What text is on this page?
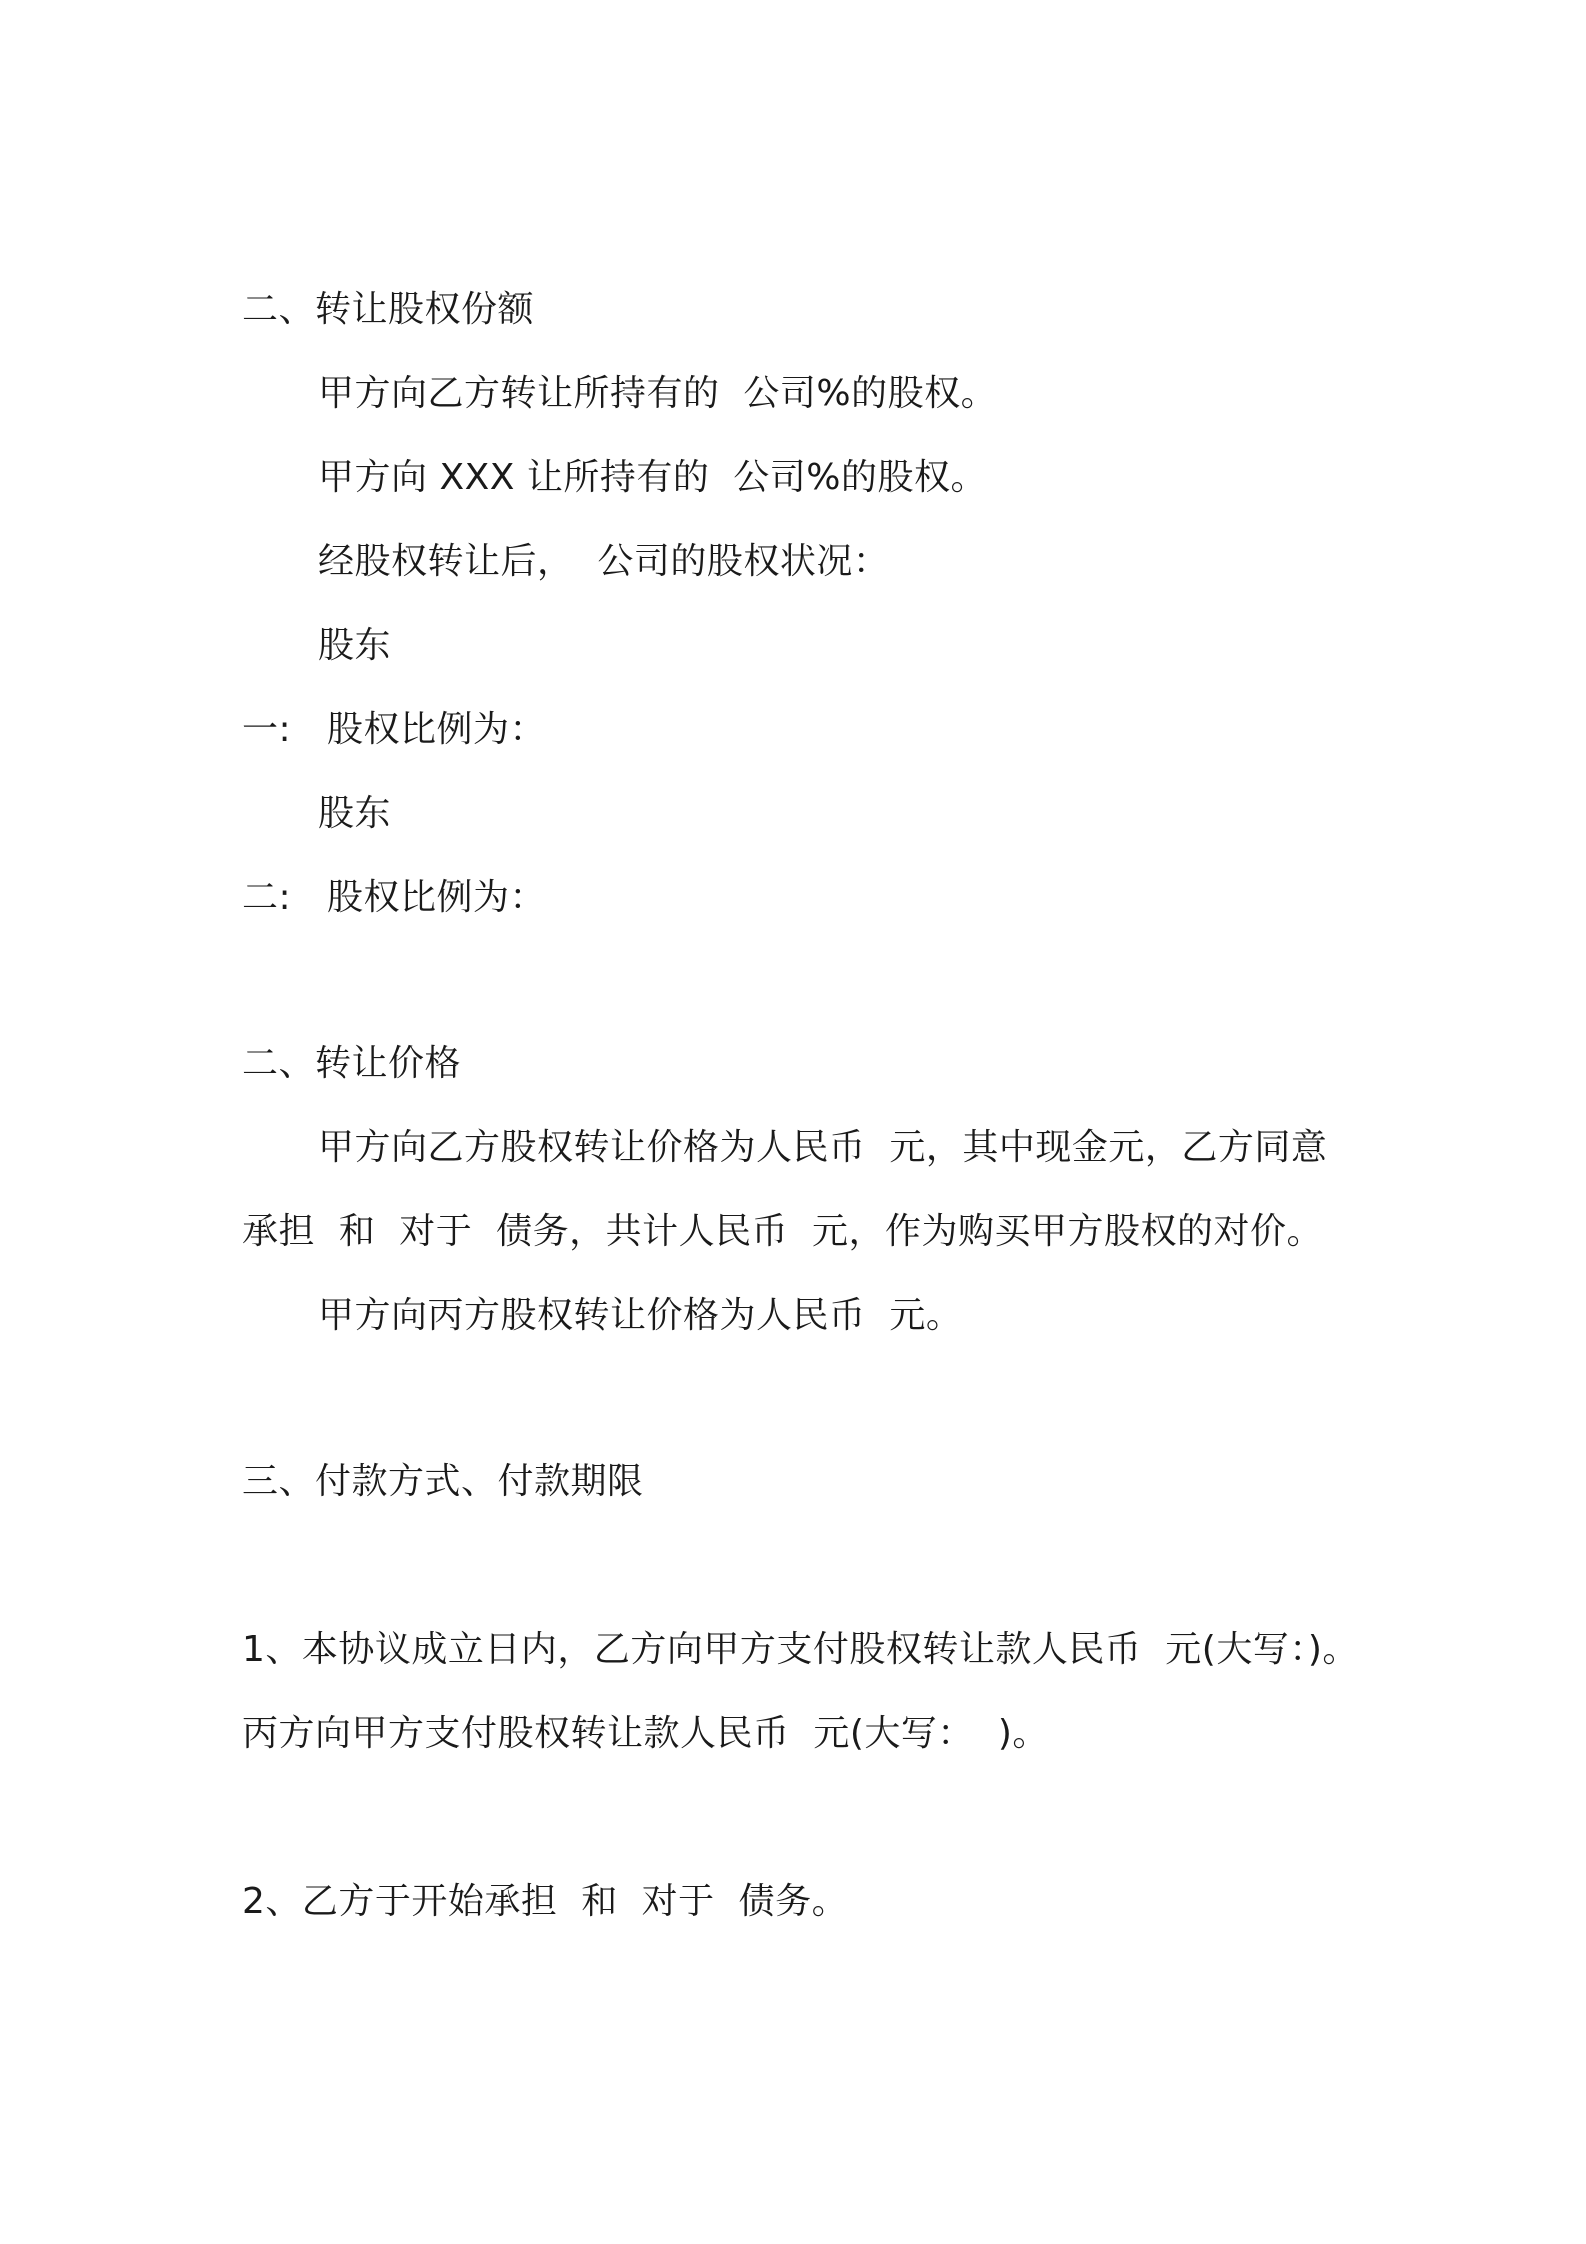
二、转让股权份额
甲方向乙方转让所持有的  公司%的股权。
甲方向 XXX 让所持有的  公司%的股权。
经股权转让后，  公司的股权状况：
股东
一:   股权比例为：
股东
二:   股权比例为：
二、转让价格
甲方向乙方股权转让价格为人民币  元，其中现金元，乙方同意
承担  和  对于  债务，共计人民币  元，作为购买甲方股权的对价。
甲方向丙方股权转让价格为人民币  元。
三、付款方式、付款期限
1、本协议成立日内，乙方向甲方支付股权转让款人民币  元(大写：)。
丙方向甲方支付股权转让款人民币  元(大写：  )。
2、乙方于开始承担  和  对于  债务。
